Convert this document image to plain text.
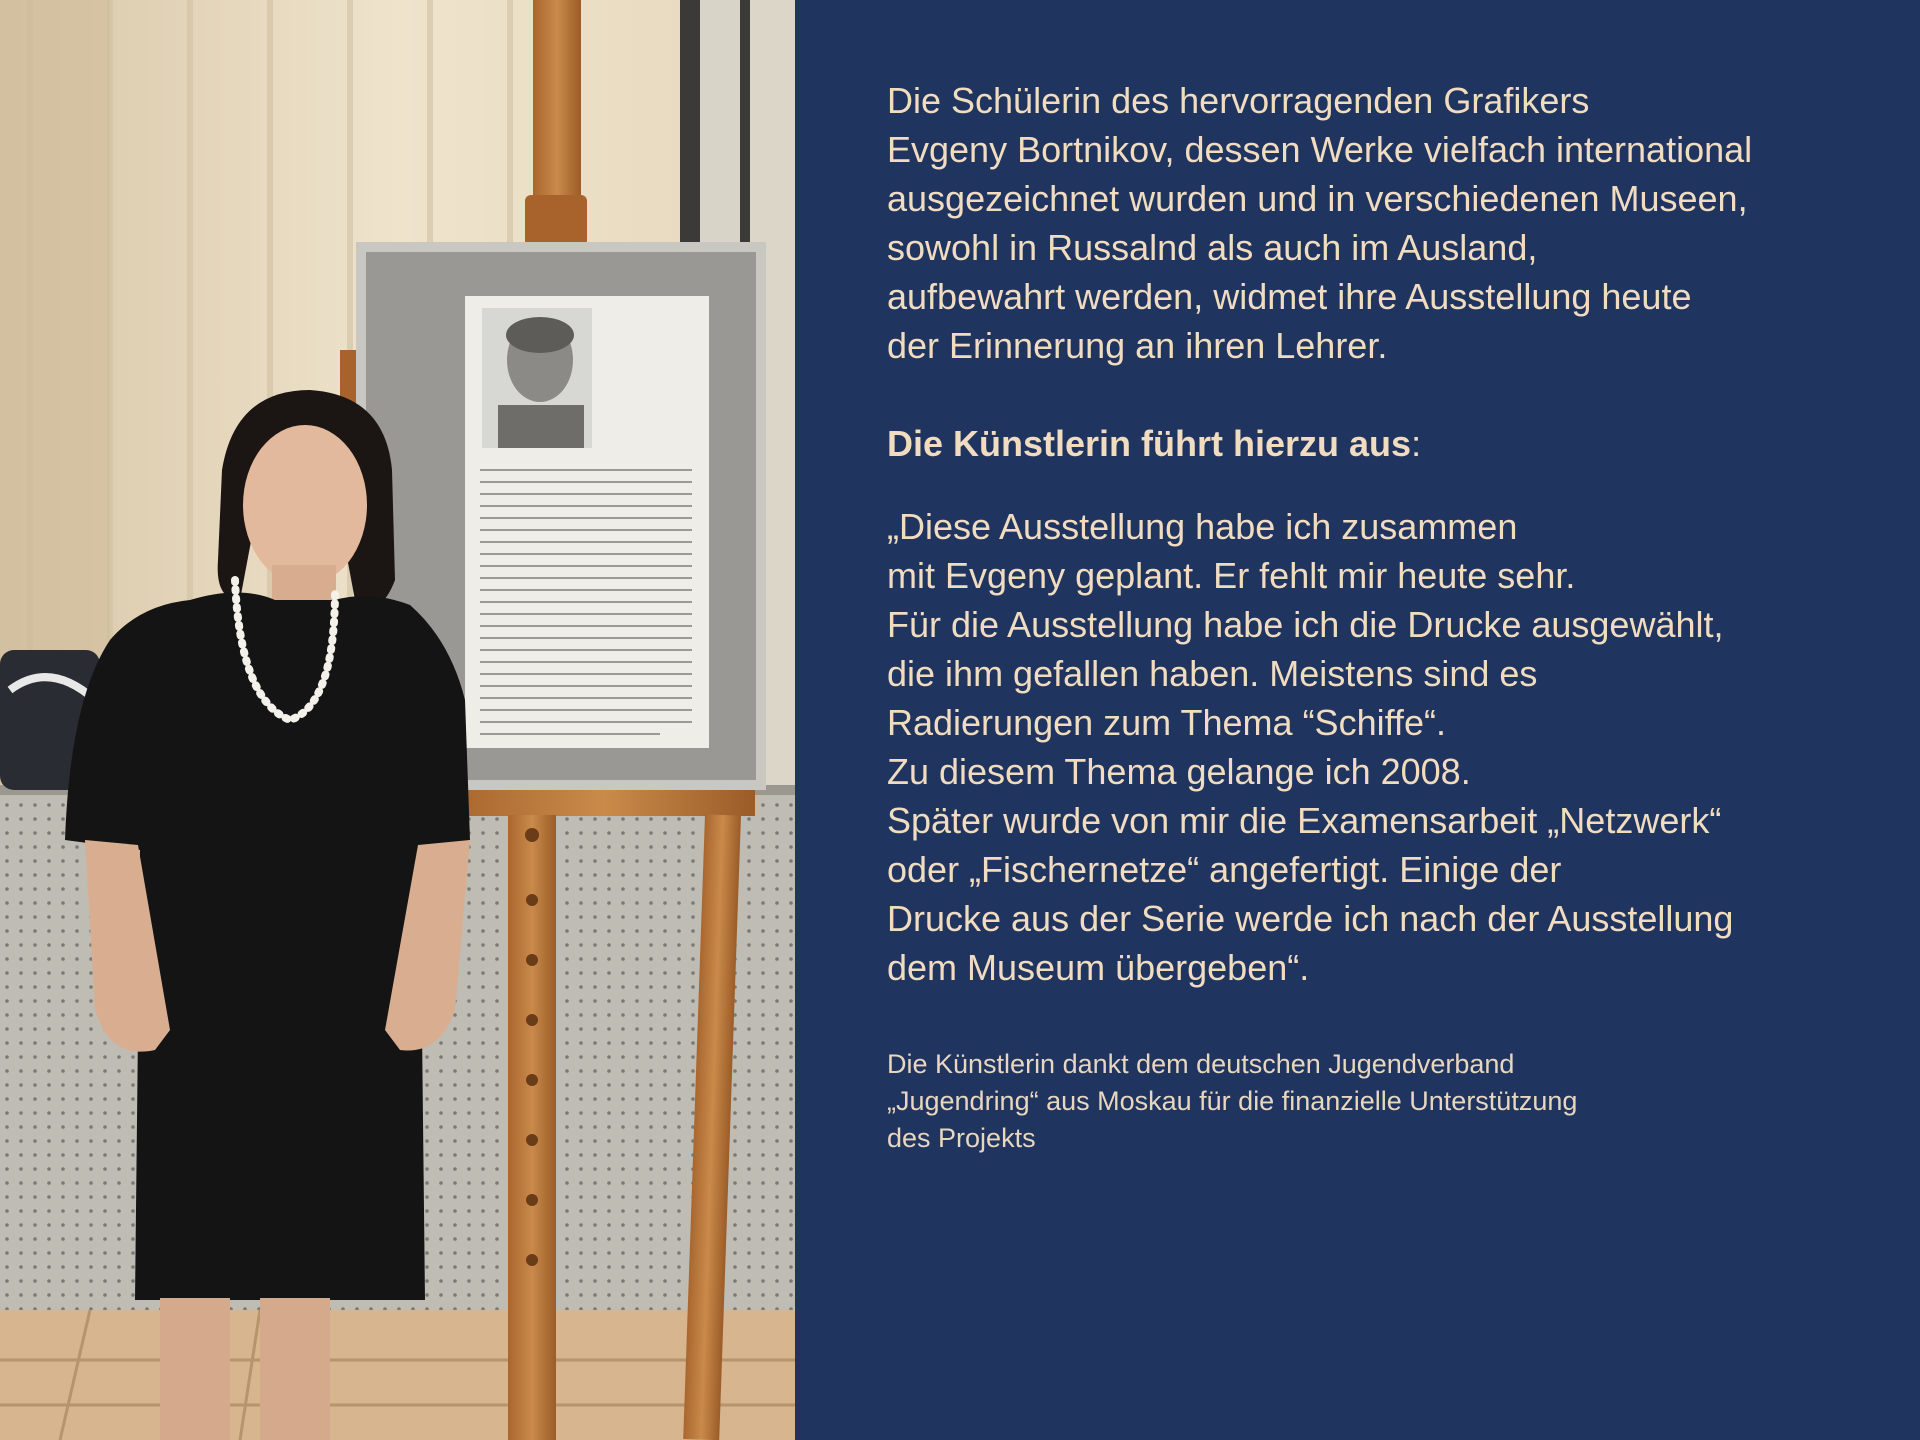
Die Schülerin des hervorragenden Grafikers
Evgeny Bortnikov, dessen Werke vielfach international
ausgezeichnet wurden und in verschiedenen Museen,
sowohl in Russalnd als auch im Ausland,
aufbewahrt werden, widmet ihre Ausstellung heute
der Erinnerung an ihren Lehrer.

Die Künstlerin führt hierzu aus:

„Diese Ausstellung habe ich zusammen
mit Evgeny geplant. Er fehlt mir heute sehr.
Für die Ausstellung habe ich die Drucke ausgewählt,
die ihm gefallen haben. Meistens sind es
Radierungen zum Thema “Schiffe“.
Zu diesem Thema gelange ich 2008.
Später wurde von mir die Examensarbeit „Netzwerk“
oder „Fischernetze“ angefertigt. Einige der
Drucke aus der Serie werde ich nach der Ausstellung
dem Museum übergeben“.

Die Künstlerin dankt dem deutschen Jugendverband
„Jugendring“ aus Moskau für die finanzielle Unterstützung
des Projekts
